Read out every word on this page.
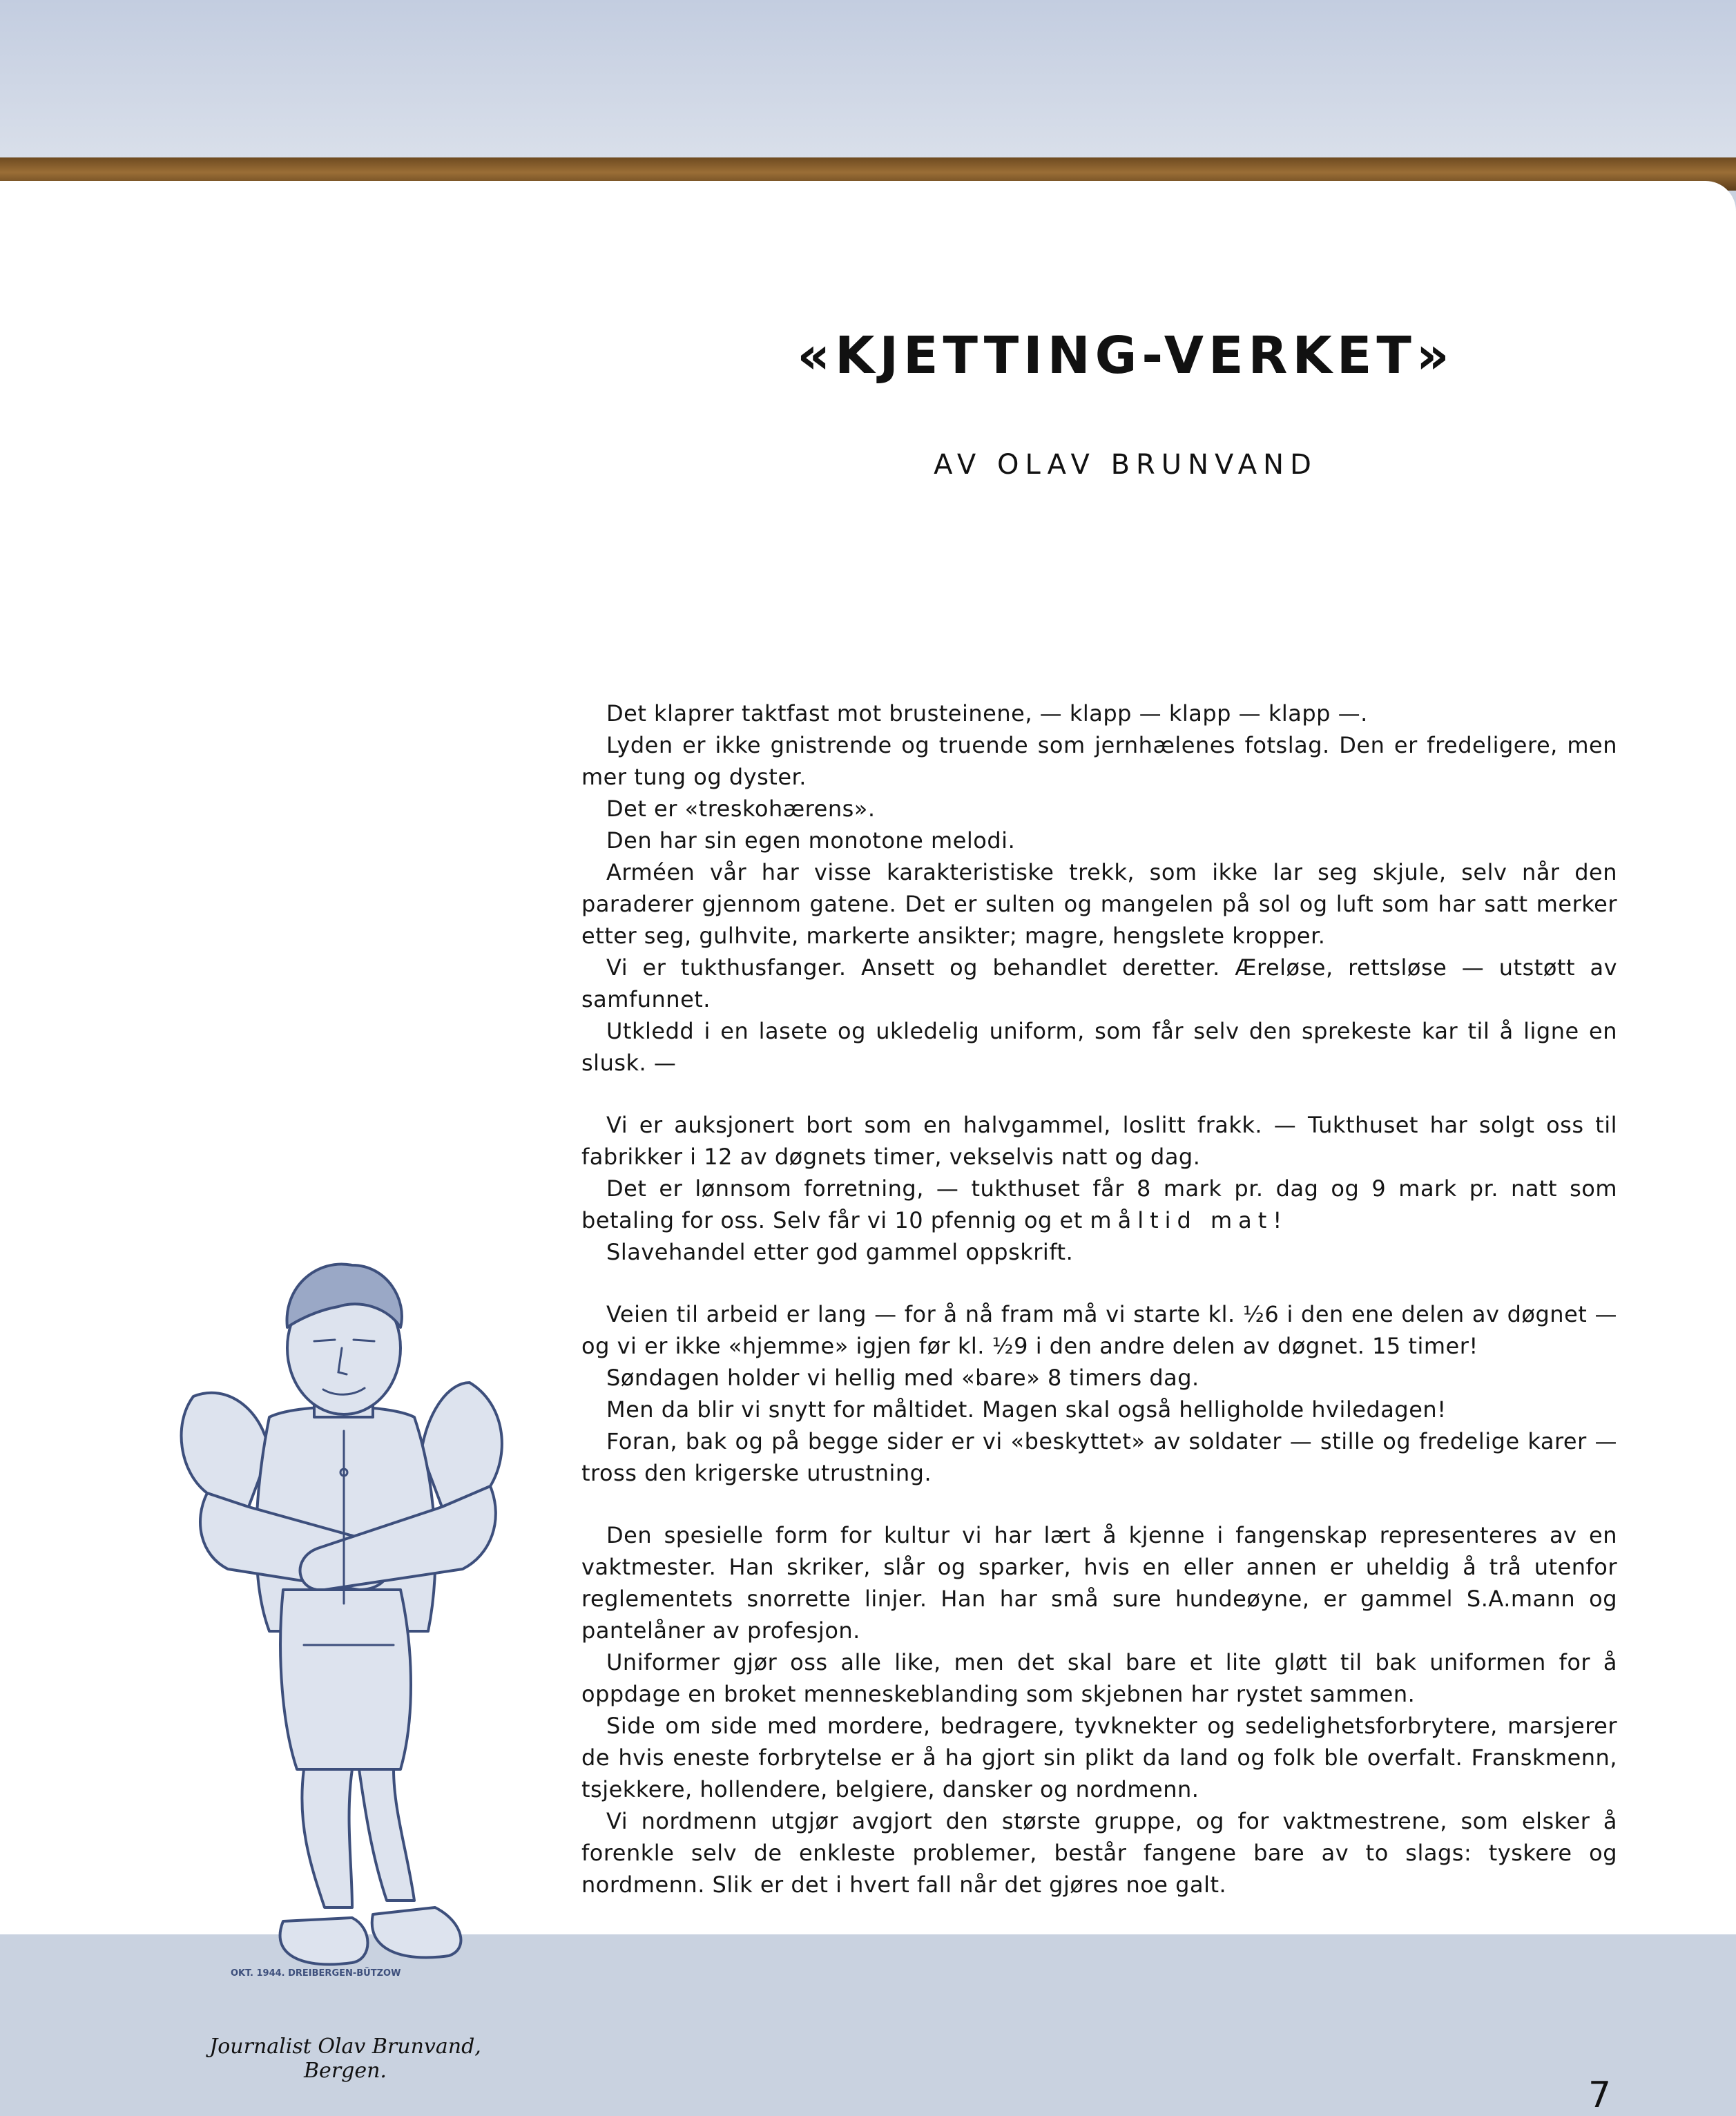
«KJETTING-VERKET»
AV OLAV BRUNVAND
OKT. 1944. DREIBERGEN-BÜTZOW
Journalist Olav Brunvand, Bergen.

Det klaprer taktfast mot brusteinene, — klapp — klapp — klapp —.

Lyden er ikke gnistrende og truende som jernhælenes fotslag. Den er fredeligere, men mer tung og dyster.

Det er «treskohærens».

Den har sin egen monotone melodi.

Arméen vår har visse karakteristiske trekk, som ikke lar seg skjule, selv når den paraderer gjennom gatene. Det er sulten og mangelen på sol og luft som har satt merker etter seg, gulhvite, markerte ansikter; magre, hengslete kropper.

Vi er tukthusfanger. Ansett og behandlet deretter. Æreløse, rettsløse — utstøtt av samfunnet.

Utkledd i en lasete og ukledelig uniform, som får selv den sprekeste kar til å ligne en slusk. —

Vi er auksjonert bort som en halvgammel, loslitt frakk. — Tukthuset har solgt oss til fabrikker i 12 av døgnets timer, vekselvis natt og dag.

Det er lønnsom forretning, — tukthuset får 8 mark pr. dag og 9 mark pr. natt som betaling for oss. Selv får vi 10 pfennig og et måltid mat!

Slavehandel etter god gammel oppskrift.

Veien til arbeid er lang — for å nå fram må vi starte kl. ½6 i den ene delen av døgnet — og vi er ikke «hjemme» igjen før kl. ½9 i den andre delen av døgnet. 15 timer!

Søndagen holder vi hellig med «bare» 8 timers dag.

Men da blir vi snytt for måltidet. Magen skal også helligholde hviledagen!

Foran, bak og på begge sider er vi «beskyttet» av soldater — stille og fredelige karer — tross den krigerske utrustning.

Den spesielle form for kultur vi har lært å kjenne i fangenskap representeres av en vaktmester. Han skriker, slår og sparker, hvis en eller annen er uheldig å trå utenfor reglementets snorrette linjer. Han har små sure hundeøyne, er gammel S.A.mann og pantelåner av profesjon.

Uniformer gjør oss alle like, men det skal bare et lite gløtt til bak uniformen for å oppdage en broket menneskeblanding som skjebnen har rystet sammen.

Side om side med mordere, bedragere, tyvknekter og sedelighetsforbrytere, marsjerer de hvis eneste forbrytelse er å ha gjort sin plikt da land og folk ble overfalt. Franskmenn, tsjekkere, hollendere, belgiere, dansker og nordmenn.

Vi nordmenn utgjør avgjort den største gruppe, og for vaktmestrene, som elsker å forenkle selv de enkleste problemer, består fangene bare av to slags: tyskere og nordmenn. Slik er det i hvert fall når det gjøres noe galt.

7
